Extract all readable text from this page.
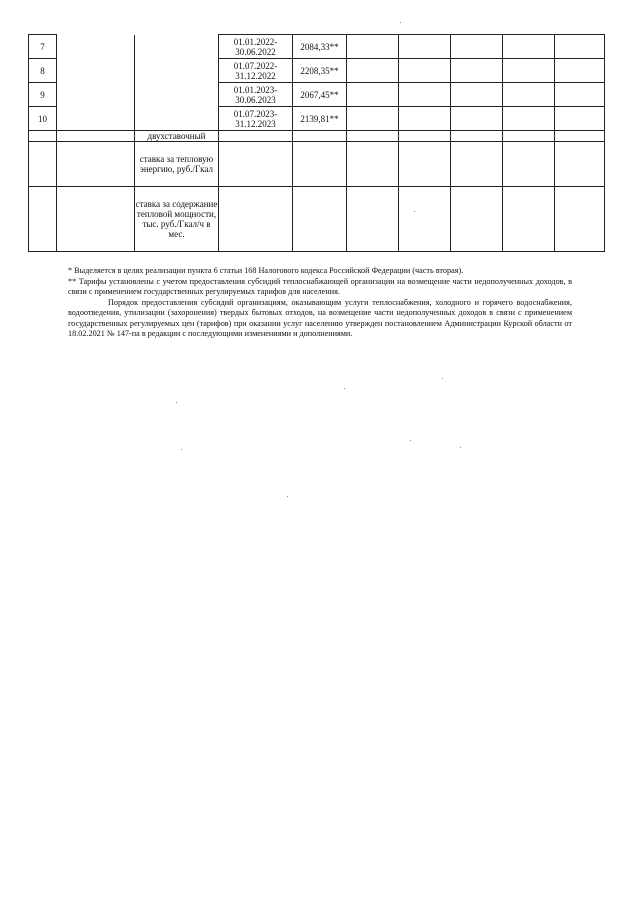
7			01.01.2022-30.06.2022	2084,33**					
8			01.07.2022-31.12.2022	2208,35**					
9			01.01.2023-30.06.2023	2067,45**					
10			01.07.2023-31.12.2023	2139,81**					
		двухставочный							
		ставка за тепловую энергию, руб./Гкал							
		ставка за содержание тепловой мощности, тыс. руб./Гкал/ч в мес.							

* Выделяется в целях реализации пункта 6 статьи 168 Налогового кодекса Российской Федерации (часть вторая).

** Тарифы установлены с учетом предоставления субсидий теплоснабжающей организации на возмещение части недополученных доходов, в связи с применением государственных регулируемых тарифов для населения.

Порядок предоставления субсидий организациям, оказывающим услуги теплоснабжения, холодного и горячего водоснабжения, водоотведения, утилизации (захоронения) твердых бытовых отходов, на возмещение части недополученных доходов в связи с применением государственных регулируемых цен (тарифов) при оказании услуг населению утвержден постановлением Администрации Курской области от 18.02.2021 № 147-па в редакции с последующими изменениями и дополнениями.
